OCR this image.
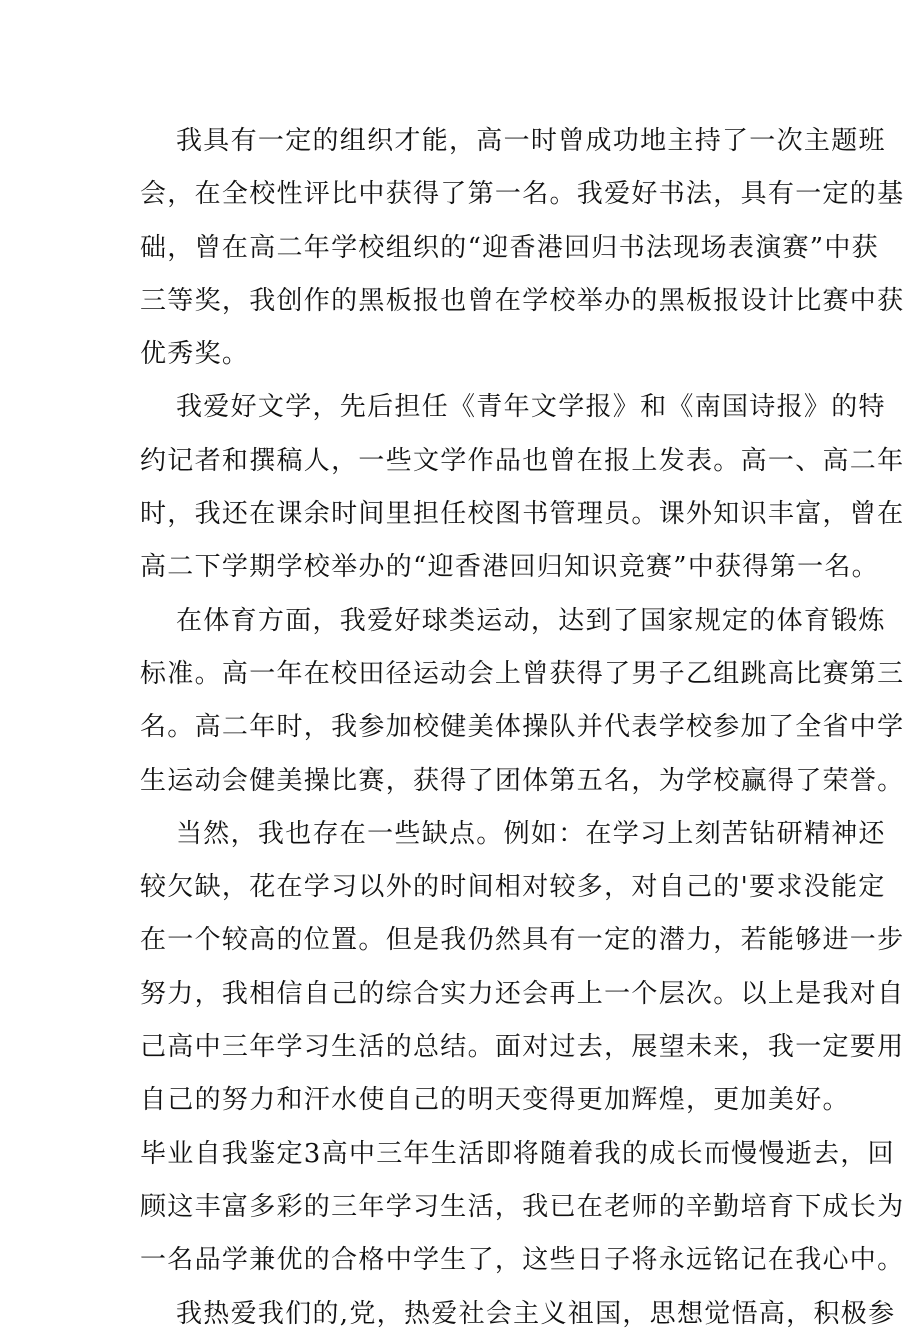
我具有一定的组织才能，高一时曾成功地主持了一次主题班
会，在全校性评比中获得了第一名。我爱好书法，具有一定的基
础，曾在高二年学校组织的“迎香港回归书法现场表演赛”中获
三等奖，我创作的黑板报也曾在学校举办的黑板报设计比赛中获
优秀奖。
我爱好文学，先后担任《青年文学报》和《南国诗报》的特
约记者和撰稿人，一些文学作品也曾在报上发表。高一、高二年
时，我还在课余时间里担任校图书管理员。课外知识丰富，曾在
高二下学期学校举办的“迎香港回归知识竞赛”中获得第一名。
在体育方面，我爱好球类运动，达到了国家规定的体育锻炼
标准。高一年在校田径运动会上曾获得了男子乙组跳高比赛第三
名。高二年时，我参加校健美体操队并代表学校参加了全省中学
生运动会健美操比赛，获得了团体第五名，为学校赢得了荣誉。
当然，我也存在一些缺点。例如：在学习上刻苦钻研精神还
较欠缺，花在学习以外的时间相对较多，对自己的'要求没能定
在一个较高的位置。但是我仍然具有一定的潜力，若能够进一步
努力，我相信自己的综合实力还会再上一个层次。以上是我对自
己高中三年学习生活的总结。面对过去，展望未来，我一定要用
自己的努力和汗水使自己的明天变得更加辉煌，更加美好。
毕业自我鉴定3高中三年生活即将随着我的成长而慢慢逝去，回
顾这丰富多彩的三年学习生活，我已在老师的辛勤培育下成长为
一名品学兼优的合格中学生了，这些日子将永远铭记在我心中。
我热爱我们的,党，热爱社会主义祖国，思想觉悟高，积极参
